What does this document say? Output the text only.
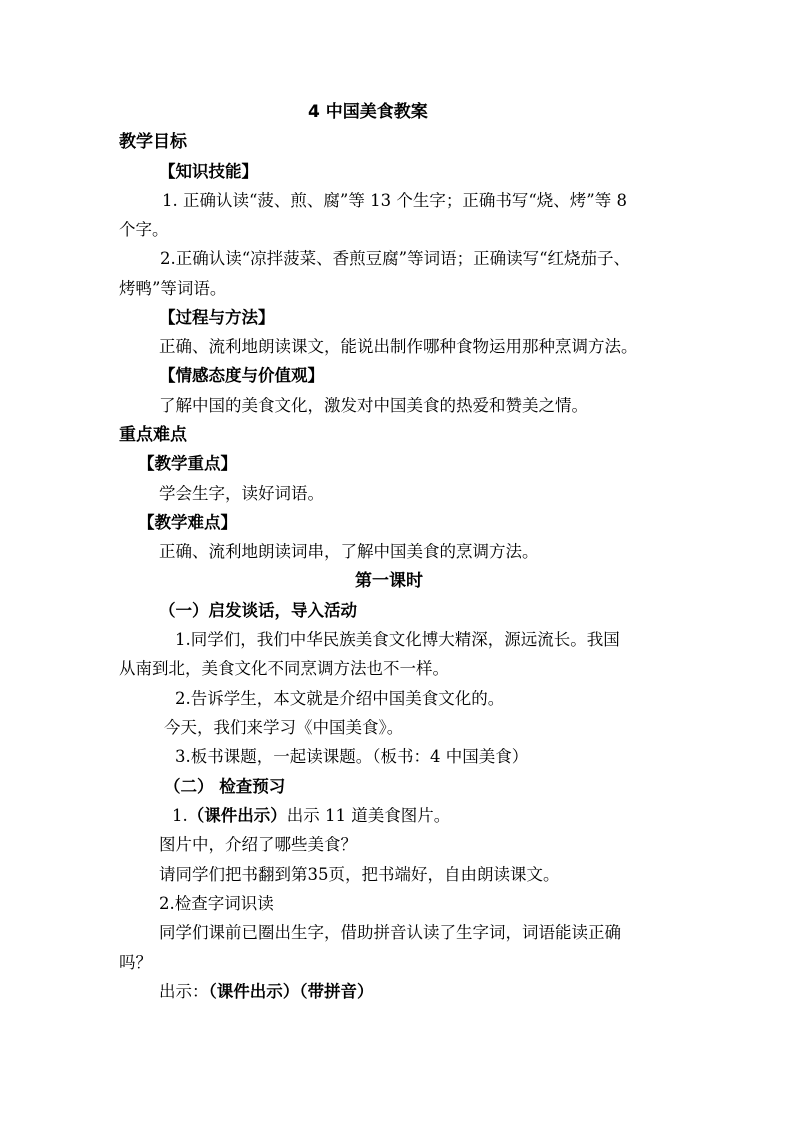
4 中国美食教案
教学目标
【知识技能】
1. 正确认读“菠、煎、腐”等 13 个生字；正确书写“烧、烤”等 8
个字。
2.正确认读“凉拌菠菜、香煎豆腐”等词语；正确读写“红烧茄子、
烤鸭”等词语。
【过程与方法】
正确、流利地朗读课文，能说出制作哪种食物运用那种烹调方法。
【情感态度与价值观】
了解中国的美食文化，激发对中国美食的热爱和赞美之情。
重点难点
【教学重点】
学会生字，读好词语。
【教学难点】
正确、流利地朗读词串，了解中国美食的烹调方法。
第一课时
（一）启发谈话，导入活动
1.同学们，我们中华民族美食文化博大精深，源远流长。我国
从南到北，美食文化不同烹调方法也不一样。
2.告诉学生，本文就是介绍中国美食文化的。
今天，我们来学习《中国美食》。
3.板书课题，一起读课题。（板书：4 中国美食）
（二） 检查预习
1.（课件出示）出示 11 道美食图片。
图片中，介绍了哪些美食？
请同学们把书翻到第35页，把书端好，自由朗读课文。
2.检查字词识读
同学们课前已圈出生字，借助拼音认读了生字词，词语能读正确
吗？
出示：（课件出示）（带拼音）
